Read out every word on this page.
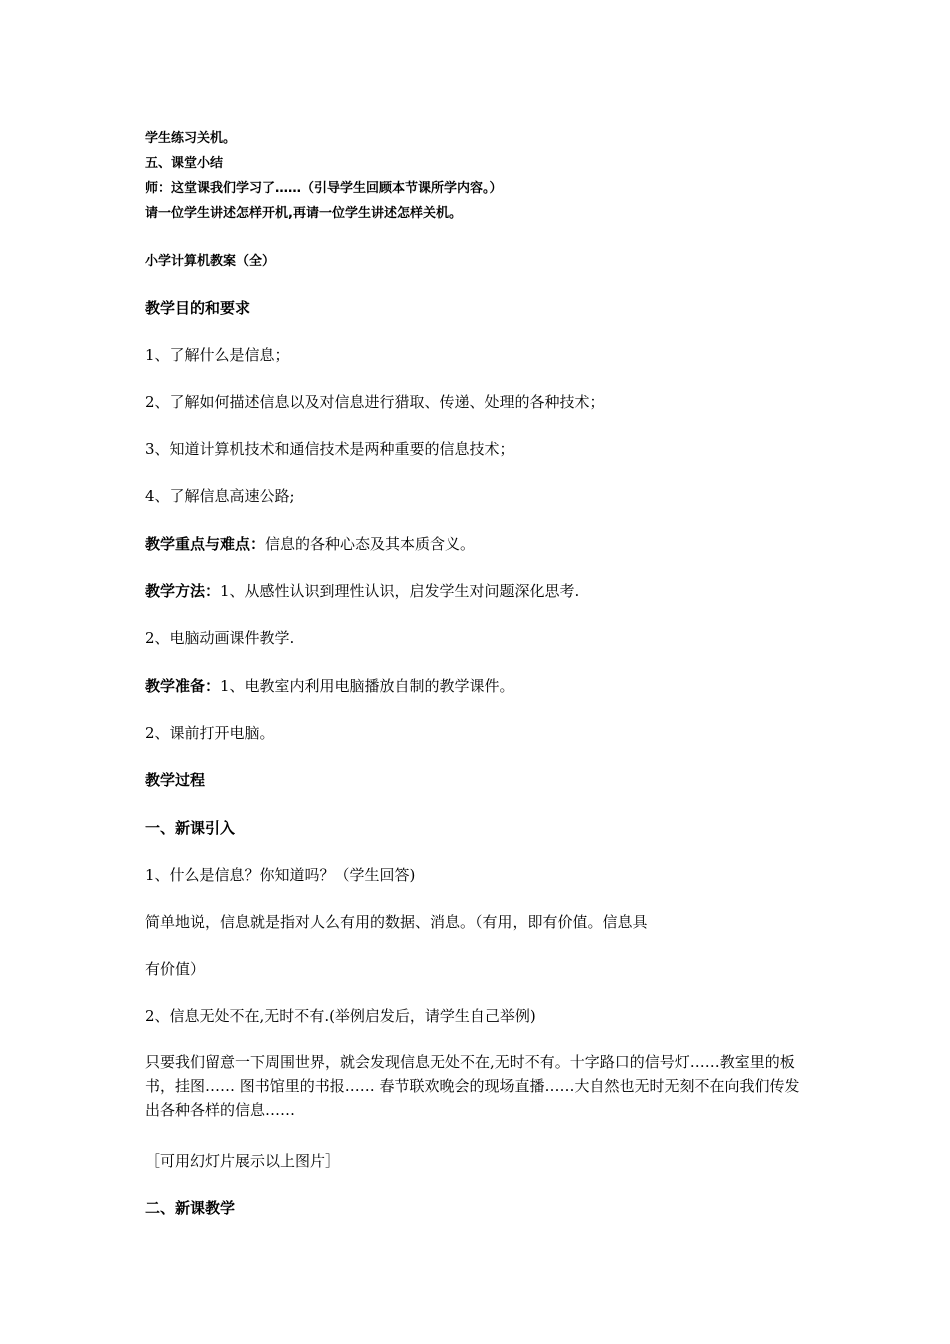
学生练习关机。
五、课堂小结
师：这堂课我们学习了……（引导学生回顾本节课所学内容。）
请一位学生讲述怎样开机,再请一位学生讲述怎样关机。
小学计算机教案（全）
教学目的和要求
1、了解什么是信息；
2、了解如何描述信息以及对信息进行猎取、传递、处理的各种技术；
3、知道计算机技术和通信技术是两种重要的信息技术；
4、了解信息高速公路;
教学重点与难点：信息的各种心态及其本质含义。
教学方法：1、从感性认识到理性认识，启发学生对问题深化思考.
2、电脑动画课件教学.
教学准备：1、电教室内利用电脑播放自制的教学课件。
2、课前打开电脑。
教学过程
一、新课引入
1、什么是信息？你知道吗？（学生回答)
简单地说，信息就是指对人么有用的数据、消息。（有用，即有价值。信息具
有价值）
2、信息无处不在,无时不有.(举例启发后，请学生自己举例)
只要我们留意一下周围世界，就会发现信息无处不在,无时不有。十字路口的信号灯……教室里的板书，挂图…… 图书馆里的书报…… 春节联欢晚会的现场直播……大自然也无时无刻不在向我们传发出各种各样的信息……
［可用幻灯片展示以上图片］
二、新课教学
